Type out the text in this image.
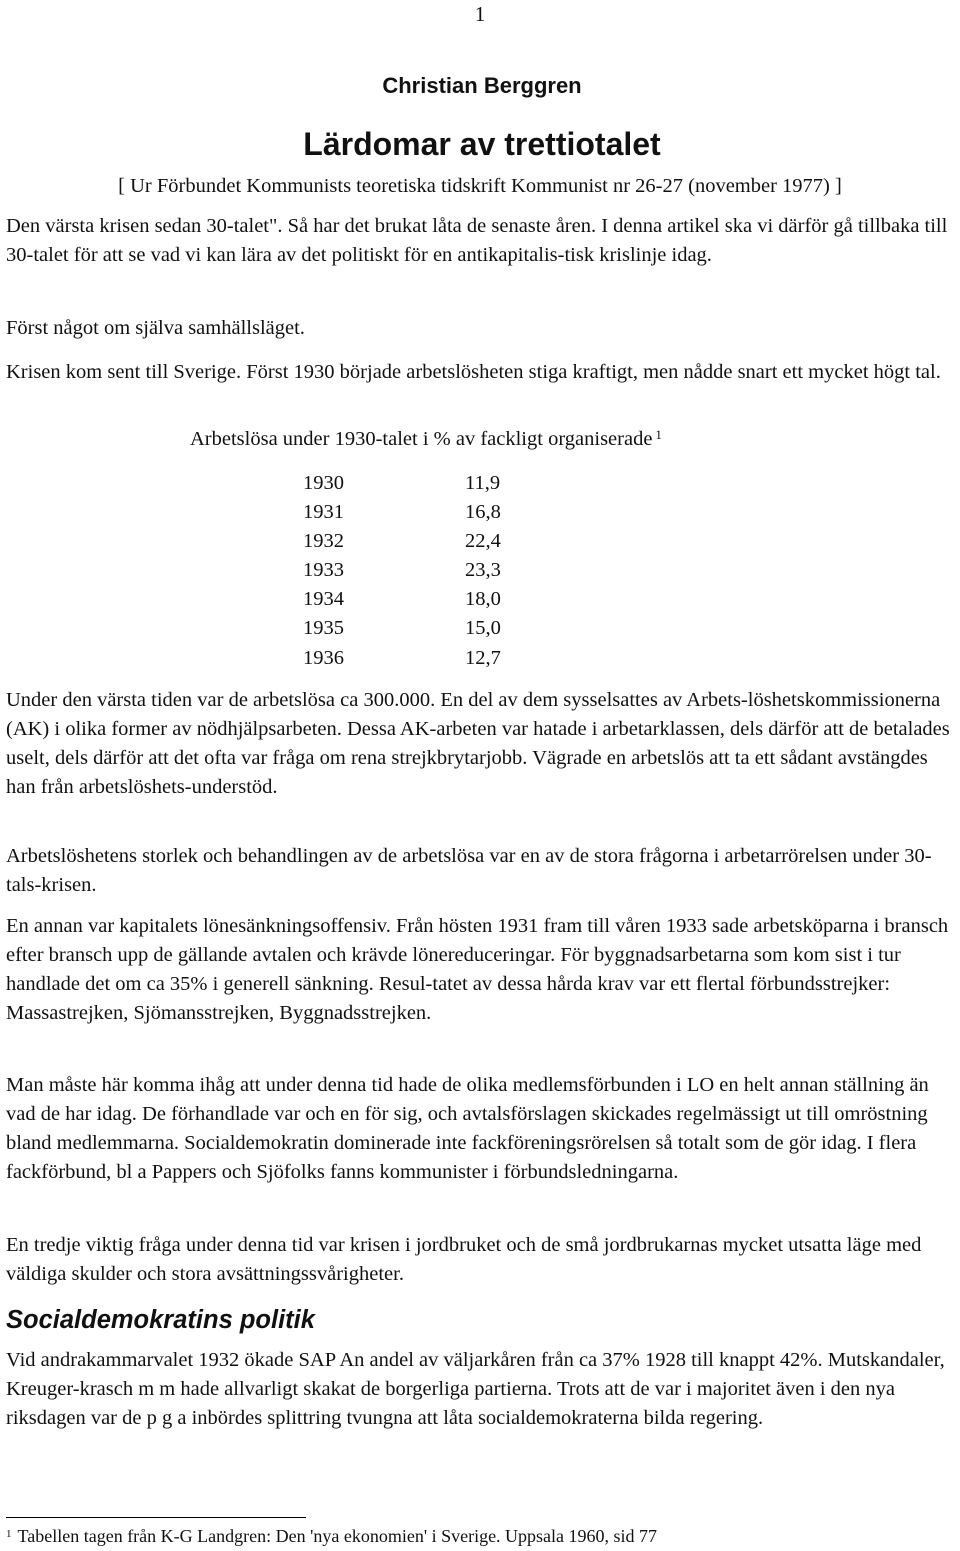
1
Christian Berggren
Lärdomar av trettiotalet
[ Ur Förbundet Kommunists teoretiska tidskrift Kommunist nr 26-27 (november 1977) ]
Den värsta krisen sedan 30-talet". Så har det brukat låta de senaste åren. I denna artikel ska vi därför gå tillbaka till 30-talet för att se vad vi kan lära av det politiskt för en antikapitalis-tisk krislinje idag.
Först något om själva samhällsläget.
Krisen kom sent till Sverige. Först 1930 började arbetslösheten stiga kraftigt, men nådde snart ett mycket högt tal.
Arbetslösa under 1930-talet i % av fackligt organiserade $^1$
1930	11,9
1931	16,8
1932	22,4
1933	23,3
1934	18,0
1935	15,0
1936	12,7
Under den värsta tiden var de arbetslösa ca 300.000. En del av dem sysselsattes av Arbets-löshetskommissionerna (AK) i olika former av nödhjälpsarbeten. Dessa AK-arbeten var hatade i arbetarklassen, dels därför att de betalades uselt, dels därför att det ofta var fråga om rena strejkbrytarjobb. Vägrade en arbetslös att ta ett sådant avstängdes han från arbetslöshets-understöd.
Arbetslöshetens storlek och behandlingen av de arbetslösa var en av de stora frågorna i arbetarrörelsen under 30-tals-krisen.
En annan var kapitalets lönesänkningsoffensiv. Från hösten 1931 fram till våren 1933 sade arbetsköparna i bransch efter bransch upp de gällande avtalen och krävde lönereduceringar. För byggnadsarbetarna som kom sist i tur handlade det om ca 35% i generell sänkning. Resul-tatet av dessa hårda krav var ett flertal förbundsstrejker: Massastrejken, Sjömansstrejken, Byggnadsstrejken.
Man måste här komma ihåg att under denna tid hade de olika medlemsförbunden i LO en helt annan ställning än vad de har idag. De förhandlade var och en för sig, och avtalsförslagen skickades regelmässigt ut till omröstning bland medlemmarna. Socialdemokratin dominerade inte fackföreningsrörelsen så totalt som de gör idag. I flera fackförbund, bl a Pappers och Sjöfolks fanns kommunister i förbundsledningarna.
En tredje viktig fråga under denna tid var krisen i jordbruket och de små jordbrukarnas mycket utsatta läge med väldiga skulder och stora avsättningssvårigheter.
Socialdemokratins politik
Vid andrakammarvalet 1932 ökade SAP An andel av väljarkåren från ca 37% 1928 till knappt 42%. Mutskandaler, Kreuger-krasch m m hade allvarligt skakat de borgerliga partierna. Trots att de var i majoritet även i den nya riksdagen var de p g a inbördes splittring tvungna att låta socialdemokraterna bilda regering.
$^1$ Tabellen tagen från K-G Landgren: Den 'nya ekonomien' i Sverige. Uppsala 1960, sid 77
